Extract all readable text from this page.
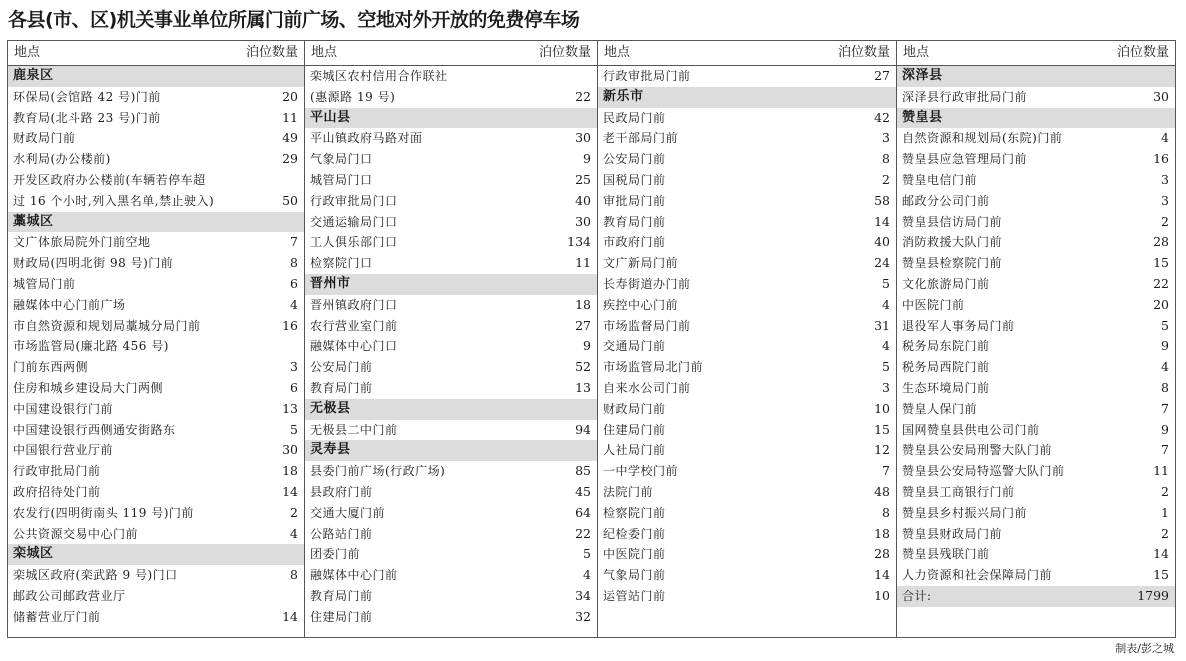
各县(市、区)机关事业单位所属门前广场、空地对外开放的免费停车场
地点	泊位数量
鹿泉区
环保局(会馆路 42 号)门前	20
教育局(北斗路 23 号)门前	11
财政局门前	49
水利局(办公楼前)	29
开发区政府办公楼前(车辆若停车超
过 16 个小时,列入黑名单,禁止驶入)	50
藁城区
文广体旅局院外门前空地	7
财政局(四明北街 98 号)门前	8
城管局门前	6
融媒体中心门前广场	4
市自然资源和规划局藁城分局门前	16
市场监管局(廉北路 456 号)
门前东西两侧	3
住房和城乡建设局大门两侧	6
中国建设银行门前	13
中国建设银行西侧通安街路东	5
中国银行营业厅前	30
行政审批局门前	18
政府招待处门前	14
农发行(四明街南头 119 号)门前	2
公共资源交易中心门前	4
栾城区
栾城区政府(栾武路 9 号)门口	8
邮政公司邮政营业厅
储蓄营业厅门前	14
地点	泊位数量
栾城区农村信用合作联社
(惠源路 19 号)	22
平山县
平山镇政府马路对面	30
气象局门口	9
城管局门口	25
行政审批局门口	40
交通运输局门口	30
工人俱乐部门口	134
检察院门口	11
晋州市
晋州镇政府门口	18
农行营业室门前	27
融媒体中心门口	9
公安局门前	52
教育局门前	13
无极县
无极县二中门前	94
灵寿县
县委门前广场(行政广场)	85
县政府门前	45
交通大厦门前	64
公路站门前	22
团委门前	5
融媒体中心门前	4
教育局门前	34
住建局门前	32
地点	泊位数量
行政审批局门前	27
新乐市
民政局门前	42
老干部局门前	3
公安局门前	8
国税局门前	2
审批局门前	58
教育局门前	14
市政府门前	40
文广新局门前	24
长寿街道办门前	5
疾控中心门前	4
市场监督局门前	31
交通局门前	4
市场监管局北门前	5
自来水公司门前	3
财政局门前	10
住建局门前	15
人社局门前	12
一中学校门前	7
法院门前	48
检察院门前	8
纪检委门前	18
中医院门前	28
气象局门前	14
运管站门前	10
地点	泊位数量
深泽县
深泽县行政审批局门前	30
赞皇县
自然资源和规划局(东院)门前	4
赞皇县应急管理局门前	16
赞皇电信门前	3
邮政分公司门前	3
赞皇县信访局门前	2
消防救援大队门前	28
赞皇县检察院门前	15
文化旅游局门前	22
中医院门前	20
退役军人事务局门前	5
税务局东院门前	9
税务局西院门前	4
生态环境局门前	8
赞皇人保门前	7
国网赞皇县供电公司门前	9
赞皇县公安局刑警大队门前	7
赞皇县公安局特巡警大队门前	11
赞皇县工商银行门前	2
赞皇县乡村振兴局门前	1
赞皇县财政局门前	2
赞皇县残联门前	14
人力资源和社会保障局门前	15
合计:	1799
制表/彭之城
